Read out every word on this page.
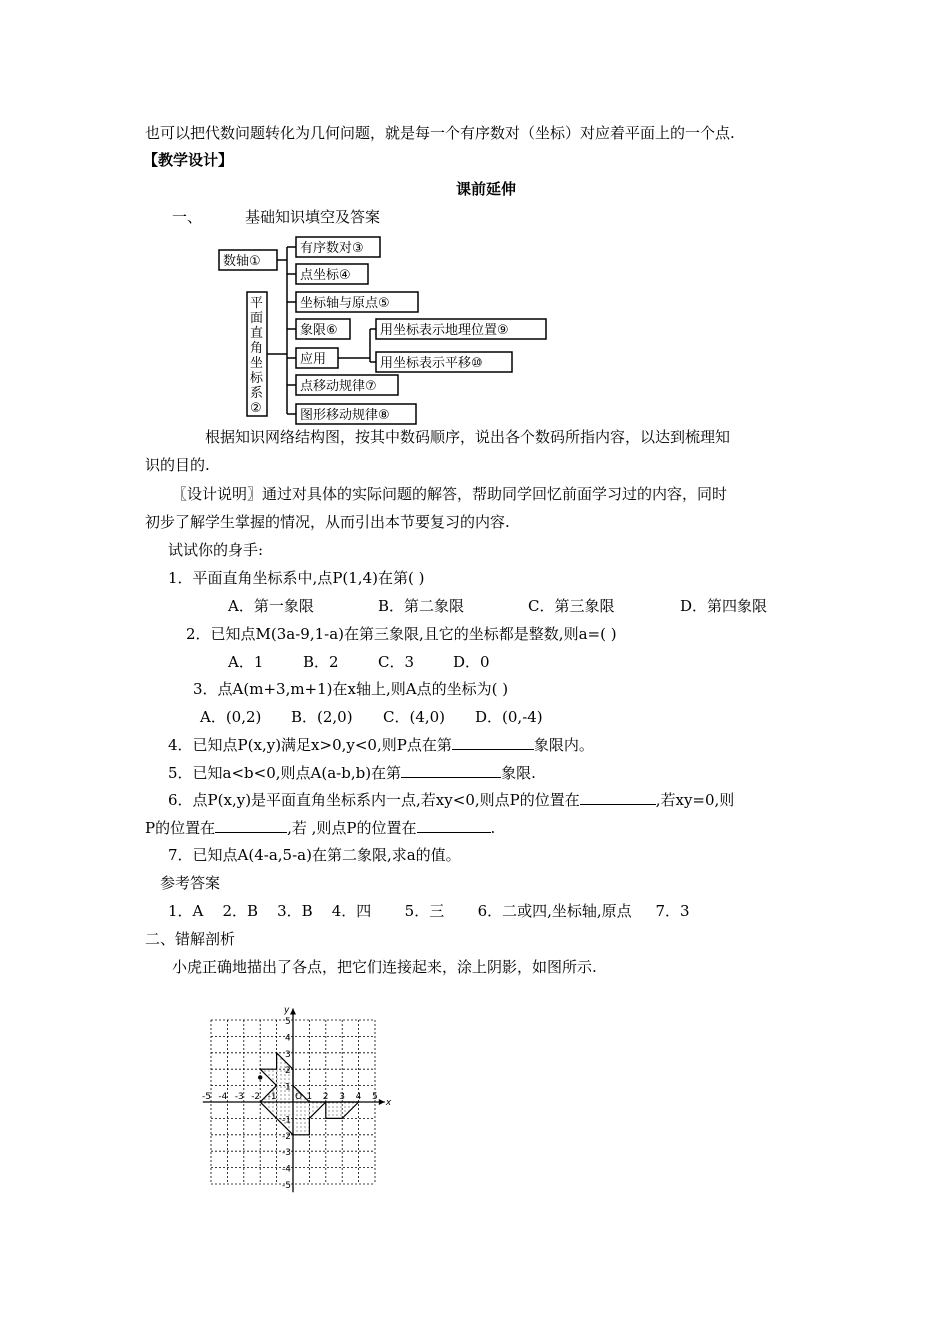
也可以把代数问题转化为几何问题，就是每一个有序数对（坐标）对应着平面上的一个点.
【教学设计】
课前延伸
一、	基础知识填空及答案
数轴①
平
面
直
角
坐
标
系
②
有序数对③
点坐标④
坐标轴与原点⑤
象限⑥
应用
点移动规律⑦
图形移动规律⑧
用坐标表示地理位置⑨
用坐标表示平移⑩
根据知识网络结构图，按其中数码顺序，说出各个数码所指内容，以达到梳理知
识的目的.
〖设计说明〗通过对具体的实际问题的解答，帮助同学回忆前面学习过的内容，同时
初步了解学生掌握的情况，从而引出本节要复习的内容.
试试你的身手:
1．平面直角坐标系中,点P(1,4)在第( )
A．第一象限	B．第二象限	C．第三象限	D．第四象限
2．已知点M(3a-9,1-a)在第三象限,且它的坐标都是整数,则a=( )
A．1	B．2	C．3	D．0
3．点A(m+3,m+1)在x轴上,则A点的坐标为( )
A．(0,2) B．(2,0) C．(4,0) D．(0,-4)
4．已知点P(x,y)满足x>0,y<0,则P点在第	象限内。
5．已知a<b<0,则点A(a-b,b)在第	象限.
6．点P(x,y)是平面直角坐标系内一点,若xy<0,则点P的位置在	,若xy=0,则
P的位置在	,若 ,则点P的位置在	.
7．已知点A(4-a,5-a)在第二象限,求a的值。
参考答案
1．A    2．B    3．B    4．四       5．三       6．二或四,坐标轴,原点     7．3
二、错解剖析
小虎正确地描出了各点，把它们连接起来，涂上阴影，如图所示.
-5 -4 -3 -2 -1	1 2 3 4 5
5
4
3
2
1
-1
-2
-3
-4
-5
O
x
y
